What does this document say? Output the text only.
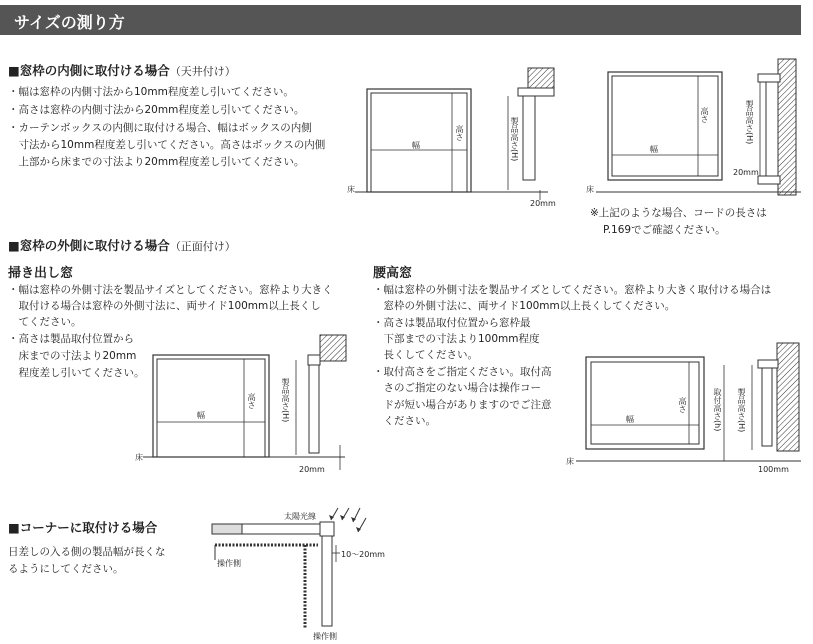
サイズの測り方
■窓枠の内側に取付ける場合（天井付け）
・幅は窓枠の内側寸法から10mm程度差し引いてください。
・高さは窓枠の内側寸法から20mm程度差し引いてください。
・カーテンボックスの内側に取付ける場合、幅はボックスの内側
　寸法から10mm程度差し引いてください。高さはボックスの内側
　上部から床までの寸法より20mm程度差し引いてください。
床
幅
高さ	製品高さ(H)
20mm
床
幅
高さ	製品高さ(H)
20mm
※上記のような場合、コードの長さは
P.169でご確認ください。
■窓枠の外側に取付ける場合（正面付け）
掃き出し窓
・幅は窓枠の外側寸法を製品サイズとしてください。窓枠より大きく
　取付ける場合は窓枠の外側寸法に、両サイド100mm以上長くし
　てください。
・高さは製品取付位置から
　床までの寸法より20mm
　程度差し引いてください。
床
幅
高さ	製品高さ(H)
20mm
腰高窓
・幅は窓枠の外側寸法を製品サイズとしてください。窓枠より大きく取付ける場合は
　窓枠の外側寸法に、両サイド100mm以上長くしてください。
・高さは製品取付位置から窓枠最
　下部までの寸法より100mm程度
　長くしてください。
・取付高さをご指定ください。取付高
　さのご指定のない場合は操作コー
　ドが短い場合がありますのでご注意
　ください。
床
幅
高さ	取付高さ(h) 製品高さ(H)
100mm
■コーナーに取付ける場合
日差しの入る側の製品幅が長くな
るようにしてください。
太陽光線
10～20mm
操作側
操作側
